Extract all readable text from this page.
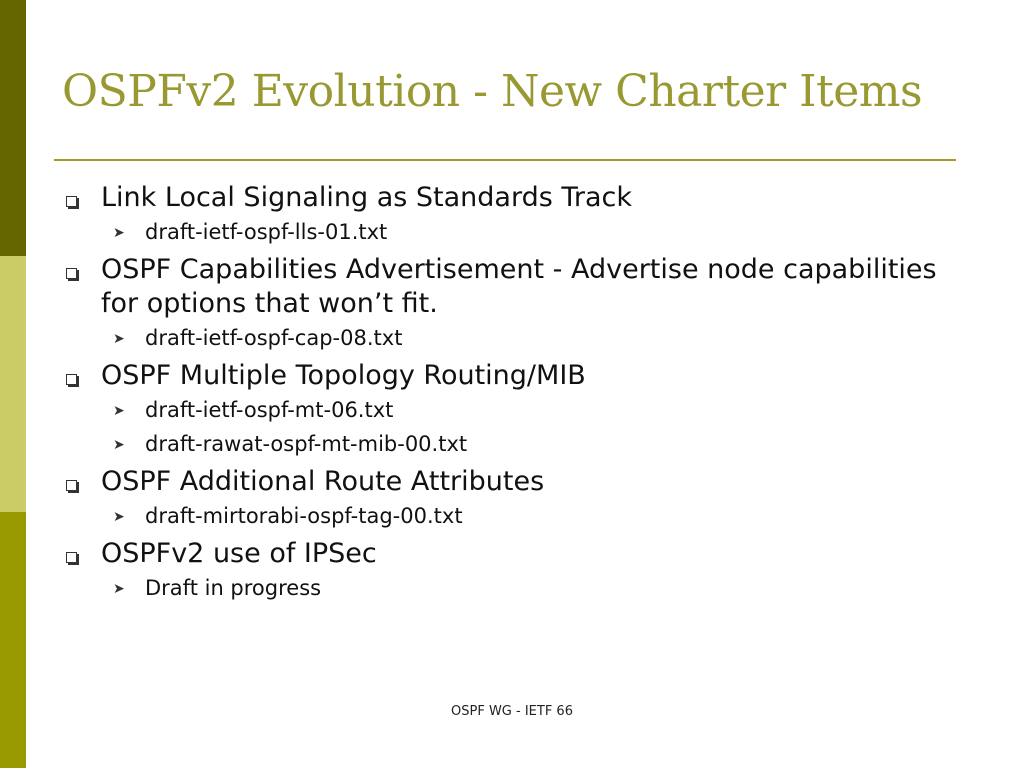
OSPFv2 Evolution - New Charter Items
Link Local Signaling as Standards Track
➤ draft-ietf-ospf-lls-01.txt
OSPF Capabilities Advertisement - Advertise node capabilities for options that won’t fit.
➤ draft-ietf-ospf-cap-08.txt
OSPF Multiple Topology Routing/MIB
➤ draft-ietf-ospf-mt-06.txt
➤ draft-rawat-ospf-mt-mib-00.txt
OSPF Additional Route Attributes
➤ draft-mirtorabi-ospf-tag-00.txt
OSPFv2 use of IPSec
➤ Draft in progress
OSPF WG - IETF 66
